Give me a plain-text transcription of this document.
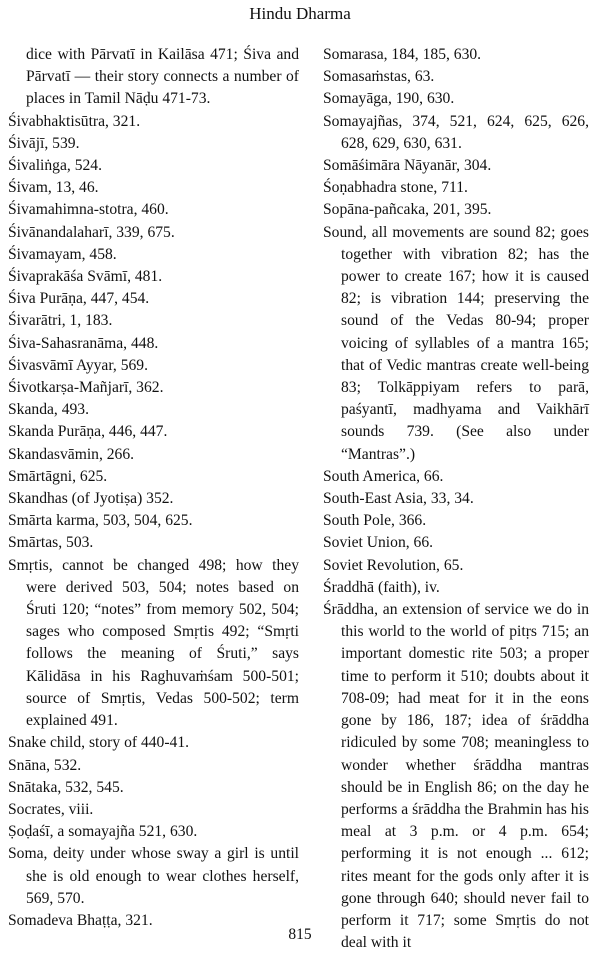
Hindu Dharma

dice with Pārvatī in Kailāsa 471; Śiva and Pārvatī — their story connects a number of places in Tamil Nāḍu 471-73.

Śivabhaktisūtra, 321.

Śivājī, 539.

Śivaliṅga, 524.

Śivam, 13, 46.

Śivamahimna-stotra, 460.

Śivānandalaharī, 339, 675.

Śivamayam, 458.

Śivaprakāśa Svāmī, 481.

Śiva Purāṇa, 447, 454.

Śivarātri, 1, 183.

Śiva-Sahasranāma, 448.

Śivasvāmī Ayyar, 569.

Śivotkarṣa-Mañjarī, 362.

Skanda, 493.

Skanda Purāṇa, 446, 447.

Skandasvāmin, 266.

Smārtāgni, 625.

Skandhas (of Jyotiṣa) 352.

Smārta karma, 503, 504, 625.

Smārtas, 503.

Smṛtis, cannot be changed 498; how they were derived 503, 504; notes based on Śruti 120; “notes” from memory 502, 504; sages who composed Smṛtis 492; “Smṛti follows the meaning of Śruti,” says Kālidāsa in his Raghuvaṁśam 500-501; source of Smṛtis, Vedas 500-502; term explained 491.

Snake child, story of 440-41.

Snāna, 532.

Snātaka, 532, 545.

Socrates, viii.

Ṣoḍaśī, a somayajña 521, 630.

Soma, deity under whose sway a girl is until she is old enough to wear clothes herself, 569, 570.

Somadeva Bhaṭṭa, 321.

Somarasa, 184, 185, 630.

Somasaṁstas, 63.

Somayāga, 190, 630.

Somayajñas, 374, 521, 624, 625, 626, 628, 629, 630, 631.

Somāśimāra Nāyanār, 304.

Śoṇabhadra stone, 711.

Sopāna-pañcaka, 201, 395.

Sound, all movements are sound 82; goes together with vibration 82; has the power to create 167; how it is caused 82; is vibration 144; preserving the sound of the Vedas 80-94; proper voicing of syllables of a mantra 165; that of Vedic mantras create well-being 83; Tolkāppiyam refers to parā, paśyantī, madhyama and Vaikhārī sounds 739. (See also under “Mantras”.)

South America, 66.

South-East Asia, 33, 34.

South Pole, 366.

Soviet Union, 66.

Soviet Revolution, 65.

Śraddhā (faith), iv.

Śrāddha, an extension of service we do in this world to the world of pitṛs 715; an important domestic rite 503; a proper time to perform it 510; doubts about it 708-09; had meat for it in the eons gone by 186, 187; idea of śrāddha ridiculed by some 708; meaningless to wonder whether śrāddha mantras should be in English 86; on the day he performs a śrāddha the Brahmin has his meal at 3 p.m. or 4 p.m. 654; performing it is not enough ... 612; rites meant for the gods only after it is gone through 640; should never fail to perform it 717; some Smṛtis do not deal with it

815
